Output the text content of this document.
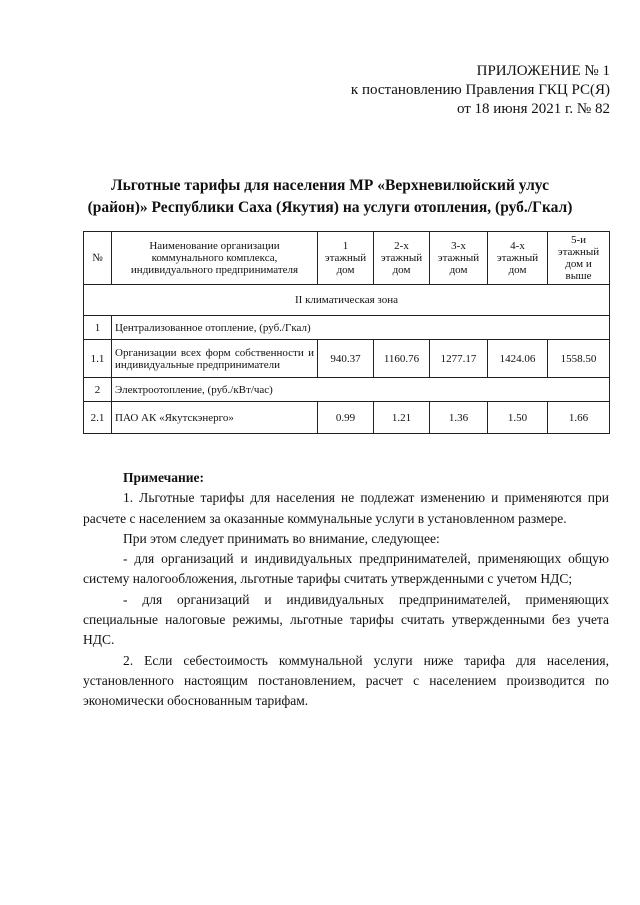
ПРИЛОЖЕНИЕ № 1
к постановлению Правления ГКЦ РС(Я)
от 18 июня 2021 г. № 82
Льготные тарифы для населения МР «Верхневилюйский улус
(район)» Республики Саха (Якутия) на услуги отопления, (руб./Гкал)
№	Наименование организации коммунального комплекса, индивидуального предпринимателя	1 этажный дом	2-х этажный дом	3-х этажный дом	4-х этажный дом	5-и этажный дом и выше
II климатическая зона						
1	Централизованное отопление, (руб./Гкал)					
1.1	Организации всех форм собственности и индивидуальные предприниматели	940.37	1160.76	1277.17	1424.06	1558.50
2	Электроотопление, (руб./кВт/час)					
2.1	ПАО АК «Якутскэнерго»	0.99	1.21	1.36	1.50	1.66

Примечание:

1. Льготные тарифы для населения не подлежат изменению и применяются при расчете с населением за оказанные коммунальные услуги в установленном размере.

При этом следует принимать во внимание, следующее:

- для организаций и индивидуальных предпринимателей, применяющих общую систему налогообложения, льготные тарифы считать утвержденными с учетом НДС;

- для организаций и индивидуальных предпринимателей, применяющих специальные налоговые режимы, льготные тарифы считать утвержденными без учета НДС.

2. Если себестоимость коммунальной услуги ниже тарифа для населения, установленного настоящим постановлением, расчет с населением производится по экономически обоснованным тарифам.
